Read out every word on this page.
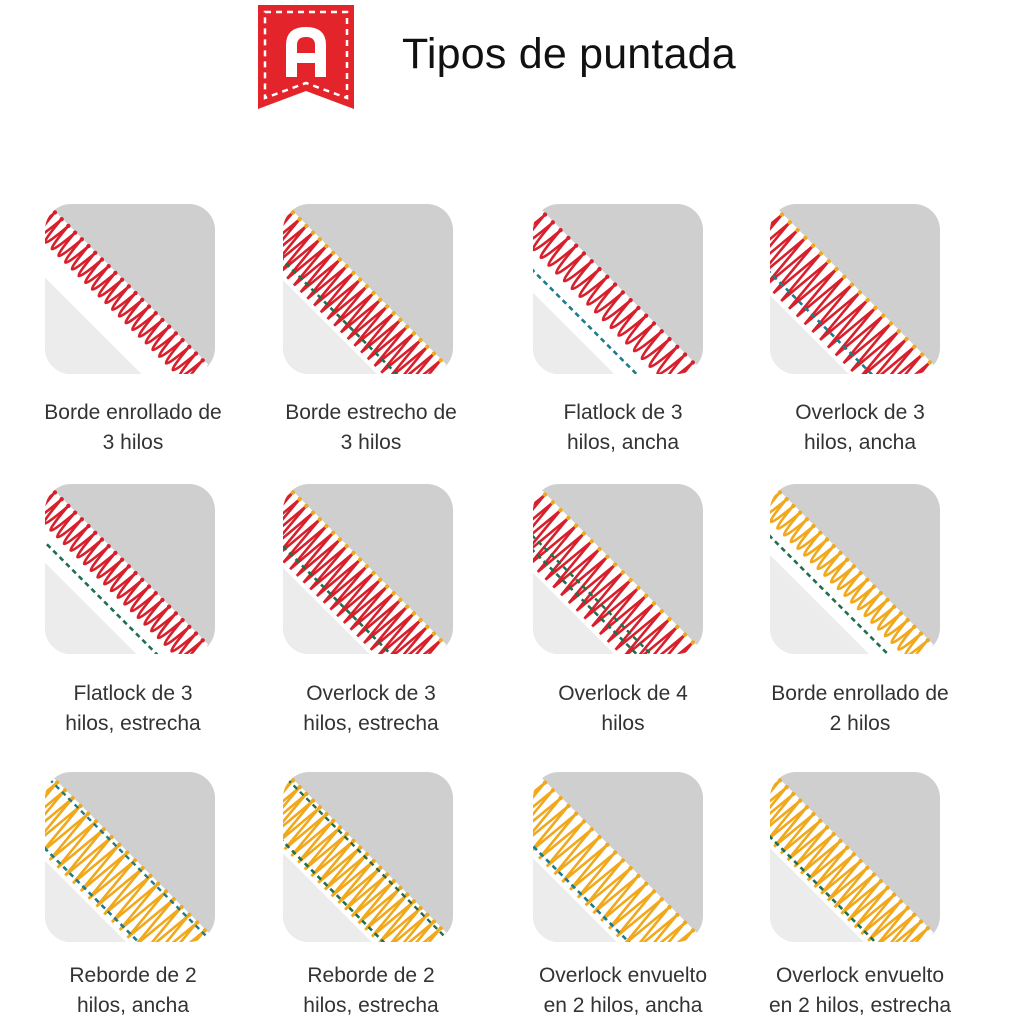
Tipos de puntada
Borde enrollado de
3 hilos
Borde estrecho de
3 hilos
Flatlock de 3
hilos, ancha
Overlock de 3
hilos, ancha
Flatlock de 3
hilos, estrecha
Overlock de 3
hilos, estrecha
Overlock de 4
hilos
Borde enrollado de
2 hilos
Reborde de 2
hilos, ancha
Reborde de 2
hilos, estrecha
Overlock envuelto
en 2 hilos, ancha
Overlock envuelto
en 2 hilos, estrecha
